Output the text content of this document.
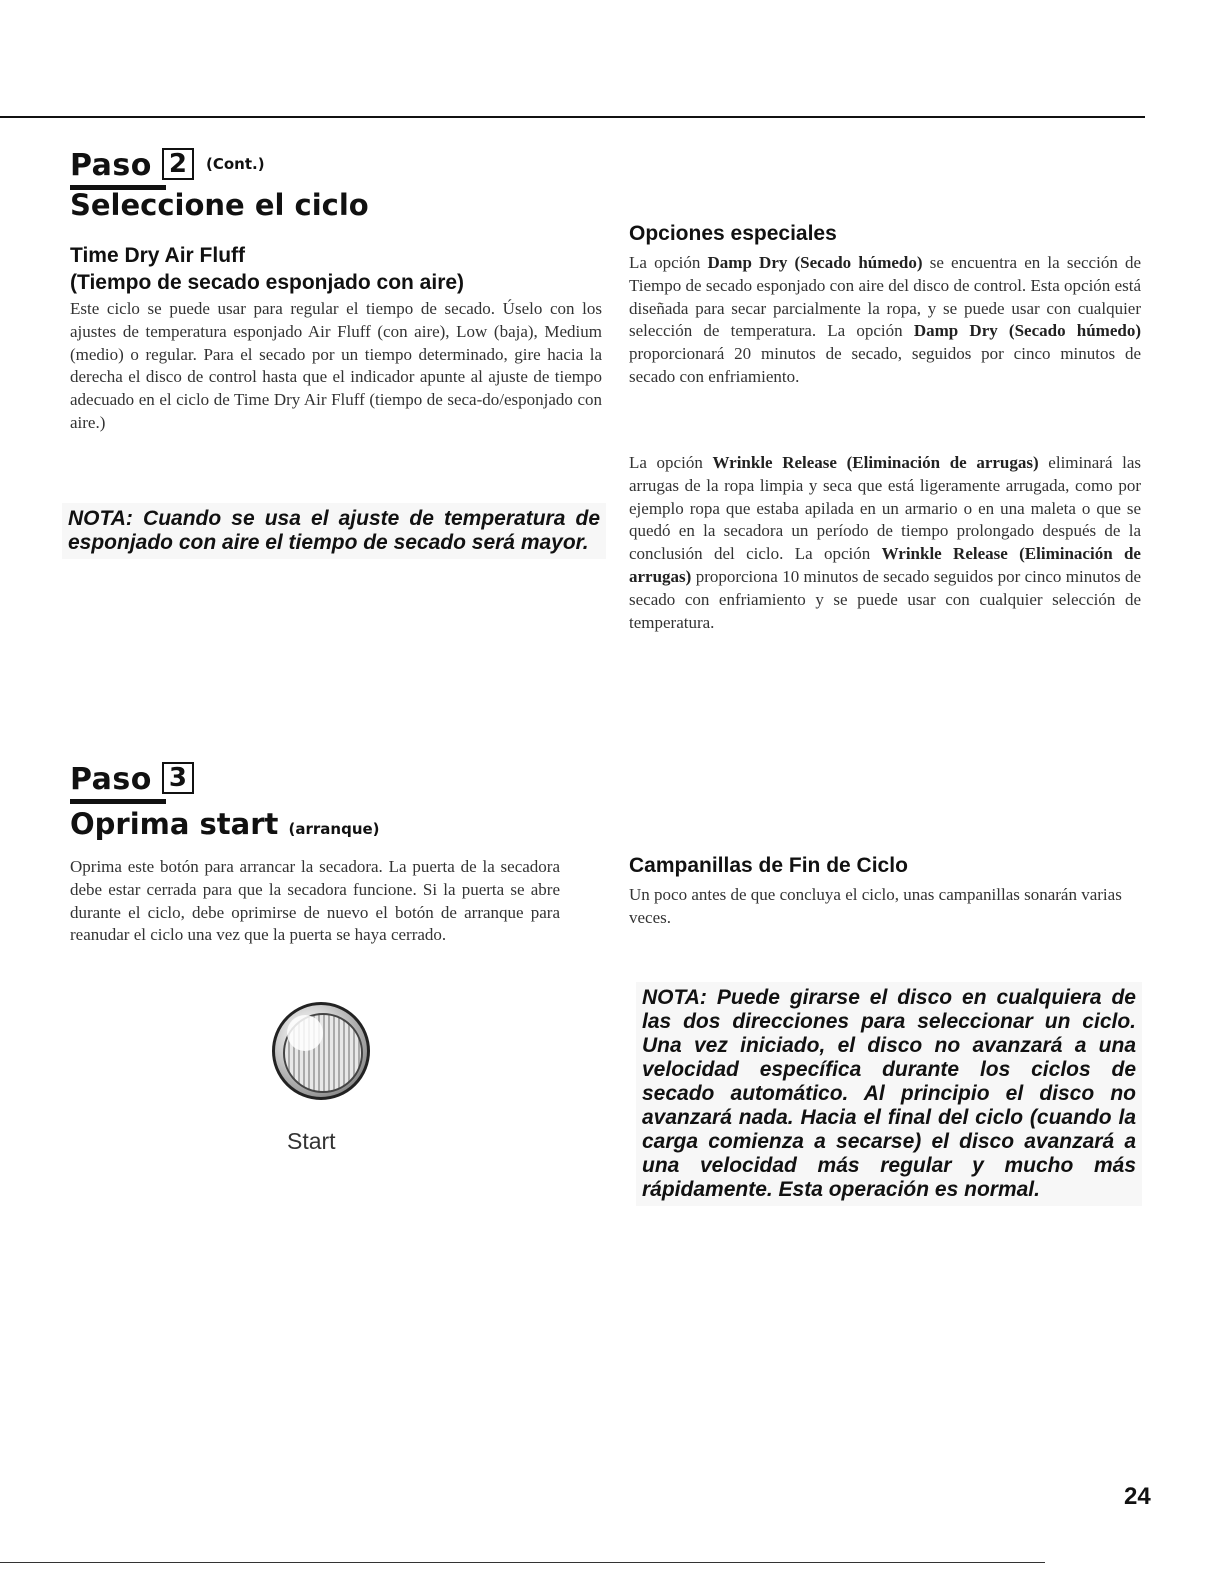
Paso 2 (Cont.)
Seleccione el ciclo
Time Dry Air Fluff
(Tiempo de secado esponjado con aire)

Este ciclo se puede usar para regular el tiempo de secado. Úselo con los ajustes de temperatura esponjado Air Fluff (con aire), Low (baja), Medium (medio) o regular. Para el secado por un tiempo determinado, gire hacia la derecha el disco de control hasta que el indicador apunte al ajuste de tiempo adecuado en el ciclo de Time Dry Air Fluff (tiempo de seca-do/esponjado con aire.)

NOTA: Cuando se usa el ajuste de temperatura de esponjado con aire el tiempo de secado será mayor.

Opciones especiales

La opción Damp Dry (Secado húmedo) se encuentra en la sección de Tiempo de secado esponjado con aire del disco de control. Esta opción está diseñada para secar parcialmente la ropa, y se puede usar con cualquier selección de temperatura. La opción Damp Dry (Secado húmedo) proporcionará 20 minutos de secado, seguidos por cinco minutos de secado con enfriamiento.

La opción Wrinkle Release (Eliminación de arrugas) eliminará las arrugas de la ropa limpia y seca que está ligeramente arrugada, como por ejemplo ropa que estaba apilada en un armario o en una maleta o que se quedó en la secadora un período de tiempo prolongado después de la conclusión del ciclo. La opción Wrinkle Release (Eliminación de arrugas) proporciona 10 minutos de secado seguidos por cinco minutos de secado con enfriamiento y se puede usar con cualquier selección de temperatura.

Paso 3
Oprima start (arranque)

Oprima este botón para arrancar la secadora. La puerta de la secadora debe estar cerrada para que la secadora funcione. Si la puerta se abre durante el ciclo, debe oprimirse de nuevo el botón de arranque para reanudar el ciclo una vez que la puerta se haya cerrado.

Start
Campanillas de Fin de Ciclo

Un poco antes de que concluya el ciclo, unas campanillas sonarán varias veces.

NOTA: Puede girarse el disco en cualquiera de las dos direcciones para seleccionar un ciclo. Una vez iniciado, el disco no avanzará a una velocidad específica durante los ciclos de secado automático. Al principio el disco no avanzará nada. Hacia el final del ciclo (cuando la carga comienza a secarse) el disco avanzará a una velocidad más regular y mucho más rápidamente. Esta operación es normal.

24
